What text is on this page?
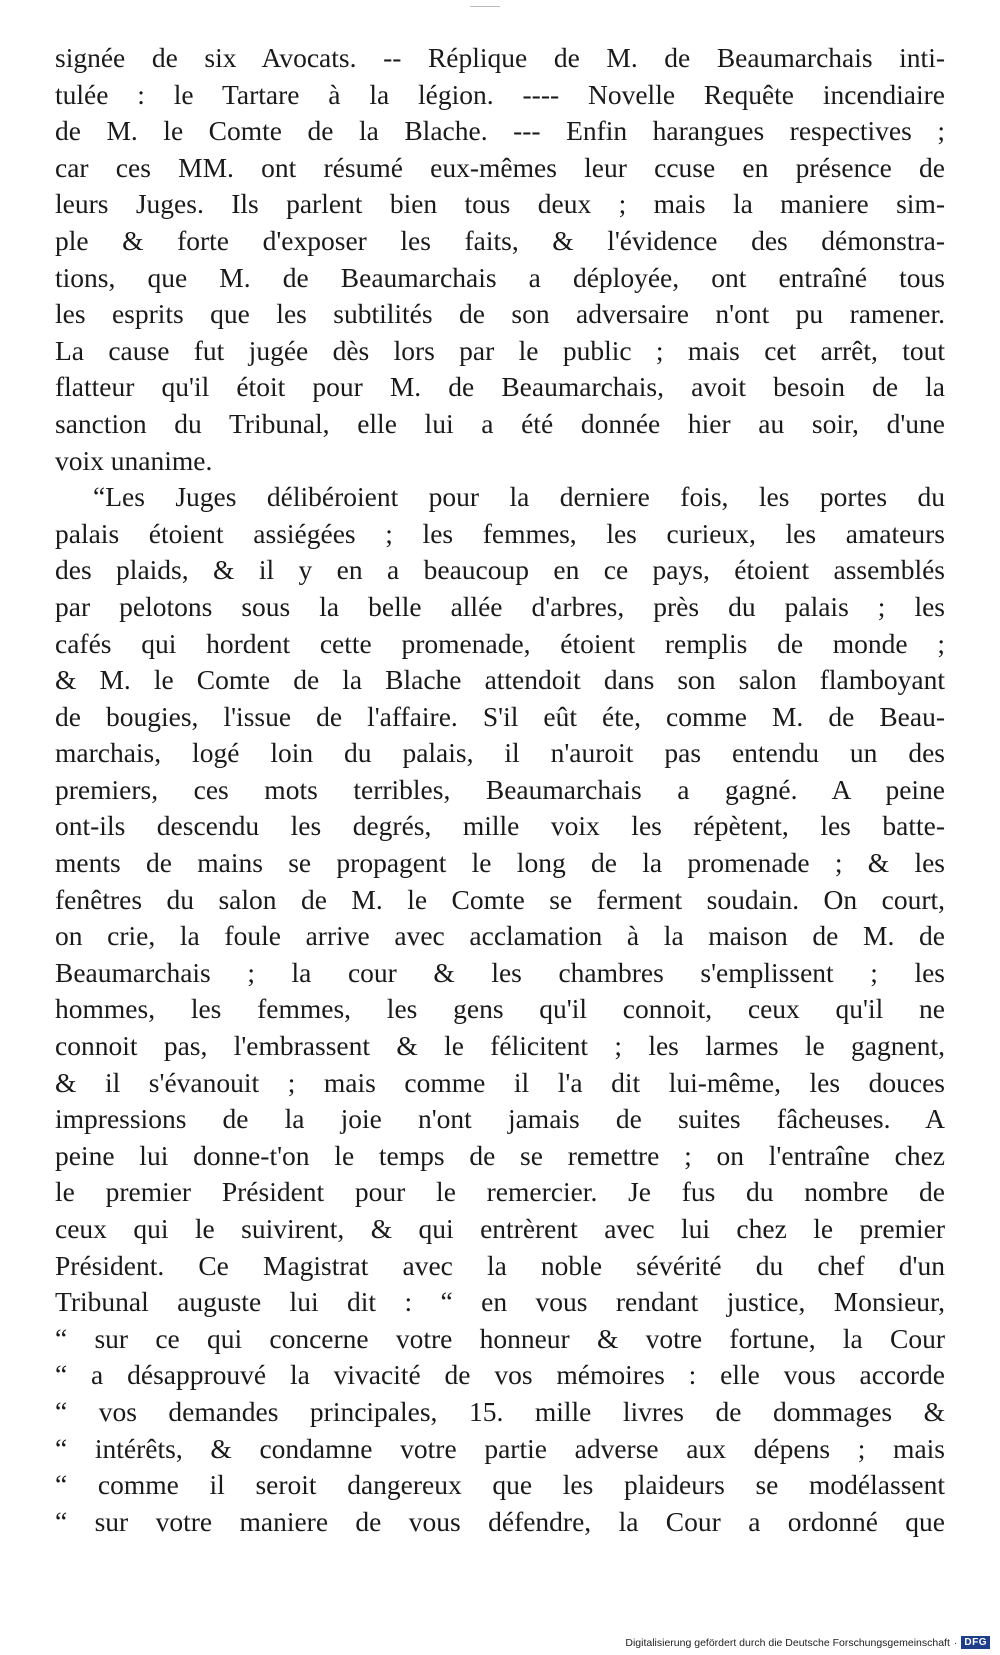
signée de six Avocats. -- Réplique de M. de Beaumarchais inti-
tulée : le Tartare à la légion. ---- Novelle Requête incendiaire
de M. le Comte de la Blache. --- Enfin harangues respectives ;
car ces MM. ont résumé eux-mêmes leur ccuse en présence de
leurs Juges. Ils parlent bien tous deux ; mais la maniere sim-
ple & forte d'exposer les faits, & l'évidence des démonstra-
tions, que M. de Beaumarchais a déployée, ont entraîné tous
les esprits que les subtilités de son adversaire n'ont pu ramener.
La cause fut jugée dès lors par le public ; mais cet arrêt, tout
flatteur qu'il étoit pour M. de Beaumarchais, avoit besoin de la
sanction du Tribunal, elle lui a été donnée hier au soir, d'une
voix unanime.
“Les Juges délibéroient pour la derniere fois, les portes du
palais étoient assiégées ; les femmes, les curieux, les amateurs
des plaids, & il y en a beaucoup en ce pays, étoient assemblés
par pelotons sous la belle allée d'arbres, près du palais ; les
cafés qui hordent cette promenade, étoient remplis de monde ;
& M. le Comte de la Blache attendoit dans son salon flamboyant
de bougies, l'issue de l'affaire. S'il eût éte, comme M. de Beau-
marchais, logé loin du palais, il n'auroit pas entendu un des
premiers, ces mots terribles, Beaumarchais a gagné. A peine
ont-ils descendu les degrés, mille voix les répètent, les batte-
ments de mains se propagent le long de la promenade ; & les
fenêtres du salon de M. le Comte se ferment soudain. On court,
on crie, la foule arrive avec acclamation à la maison de M. de
Beaumarchais ; la cour & les chambres s'emplissent ; les
hommes, les femmes, les gens qu'il connoit, ceux qu'il ne
connoit pas, l'embrassent & le félicitent ; les larmes le gagnent,
& il s'évanouit ; mais comme il l'a dit lui-même, les douces
impressions de la joie n'ont jamais de suites fâcheuses. A
peine lui donne-t'on le temps de se remettre ; on l'entraîne chez
le premier Président pour le remercier. Je fus du nombre de
ceux qui le suivirent, & qui entrèrent avec lui chez le premier
Président. Ce Magistrat avec la noble sévérité du chef d'un
Tribunal auguste lui dit : “ en vous rendant justice, Monsieur,
“ sur ce qui concerne votre honneur & votre fortune, la Cour
“ a désapprouvé la vivacité de vos mémoires : elle vous accorde
“ vos demandes principales, 15. mille livres de dommages &
“ intérêts, & condamne votre partie adverse aux dépens ; mais
“ comme il seroit dangereux que les plaideurs se modélassent
“ sur votre maniere de vous défendre, la Cour a ordonné que
Digitalisierung gefördert durch die Deutsche Forschungsgemeinschaft · DFG
